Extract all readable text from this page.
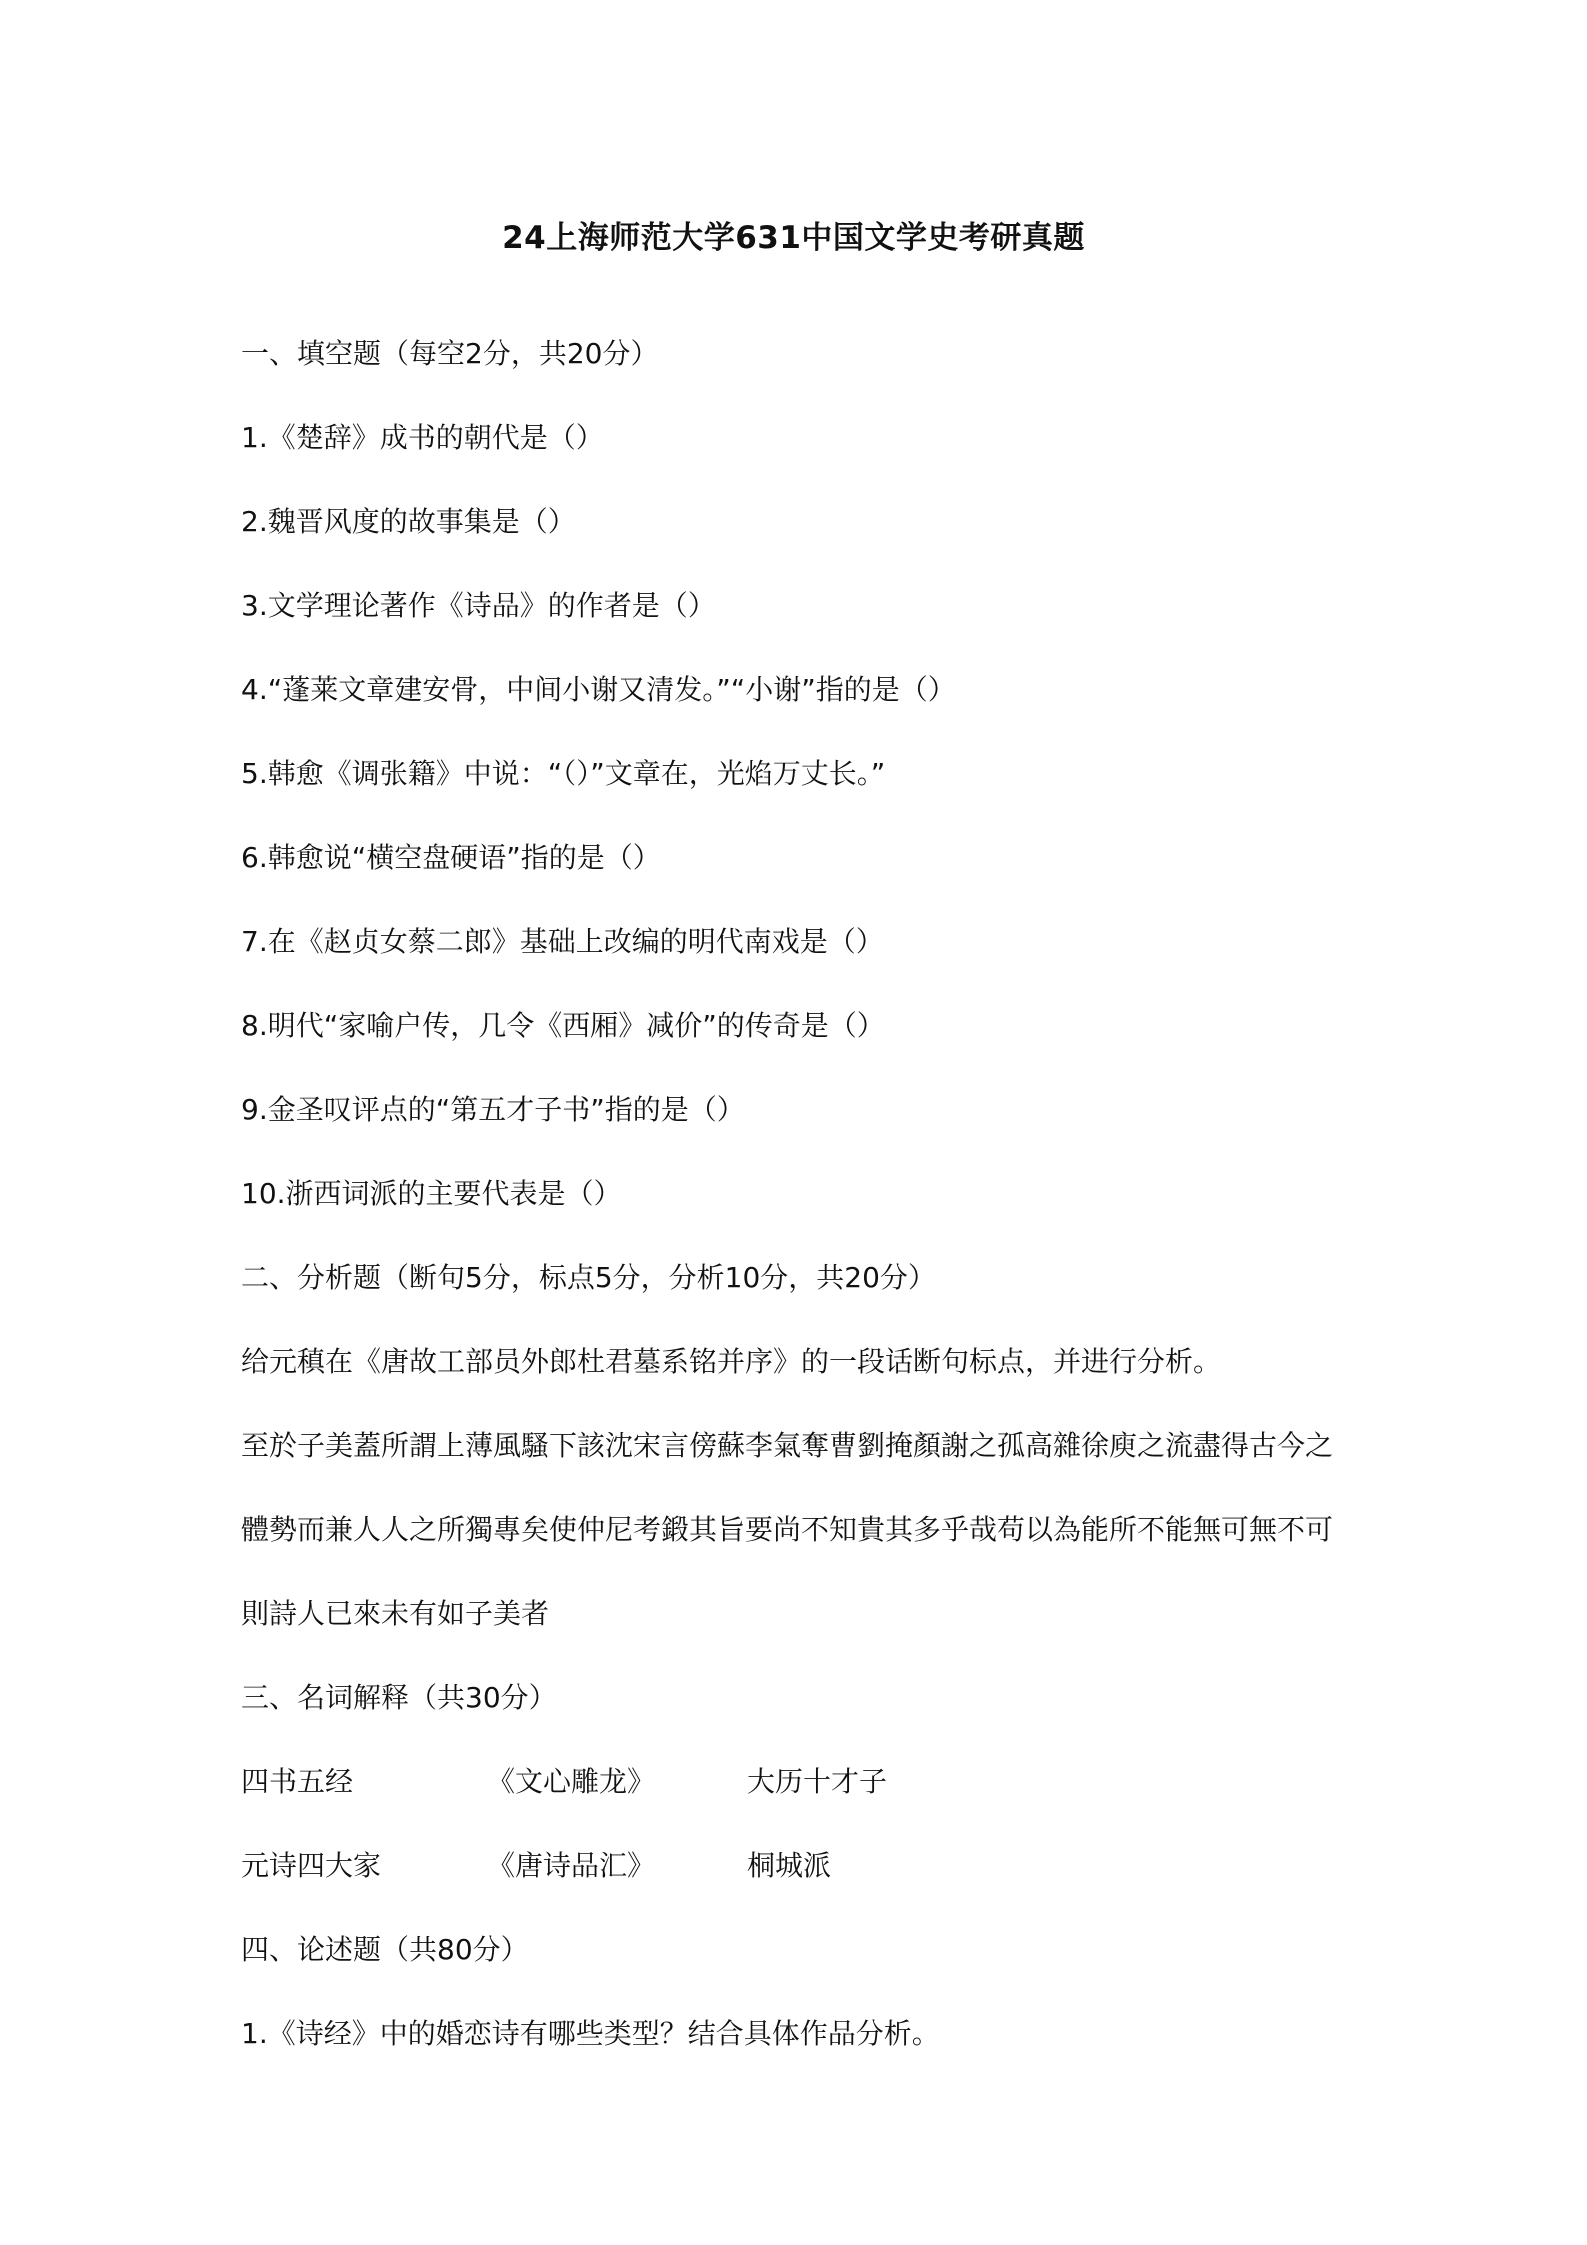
24上海师范大学631中国文学史考研真题
一、填空题（每空2分，共20分）
1.《楚辞》成书的朝代是（）
2.魏晋风度的故事集是（）
3.文学理论著作《诗品》的作者是（）
4.“蓬莱文章建安骨，中间小谢又清发。”“小谢”指的是（）
5.韩愈《调张籍》中说：“（）”文章在，光焰万丈长。”
6.韩愈说“横空盘硬语”指的是（）
7.在《赵贞女蔡二郎》基础上改编的明代南戏是（）
8.明代“家喻户传，几令《西厢》减价”的传奇是（）
9.金圣叹评点的“第五才子书”指的是（）
10.浙西词派的主要代表是（）
二、分析题（断句5分，标点5分，分析10分，共20分）
给元稹在《唐故工部员外郎杜君墓系铭并序》的一段话断句标点，并进行分析。
至於子美蓋所謂上薄風騷下該沈宋言傍蘇李氣奪曹劉掩顏謝之孤高雜徐庾之流盡得古今之
體勢而兼人人之所獨專矣使仲尼考鍛其旨要尚不知貴其多乎哉苟以為能所不能無可無不可
則詩人已來未有如子美者
三、名词解释（共30分）
四书五经	《文心雕龙》	大历十才子
元诗四大家	《唐诗品汇》	桐城派
四、论述题（共80分）
1.《诗经》中的婚恋诗有哪些类型？结合具体作品分析。
